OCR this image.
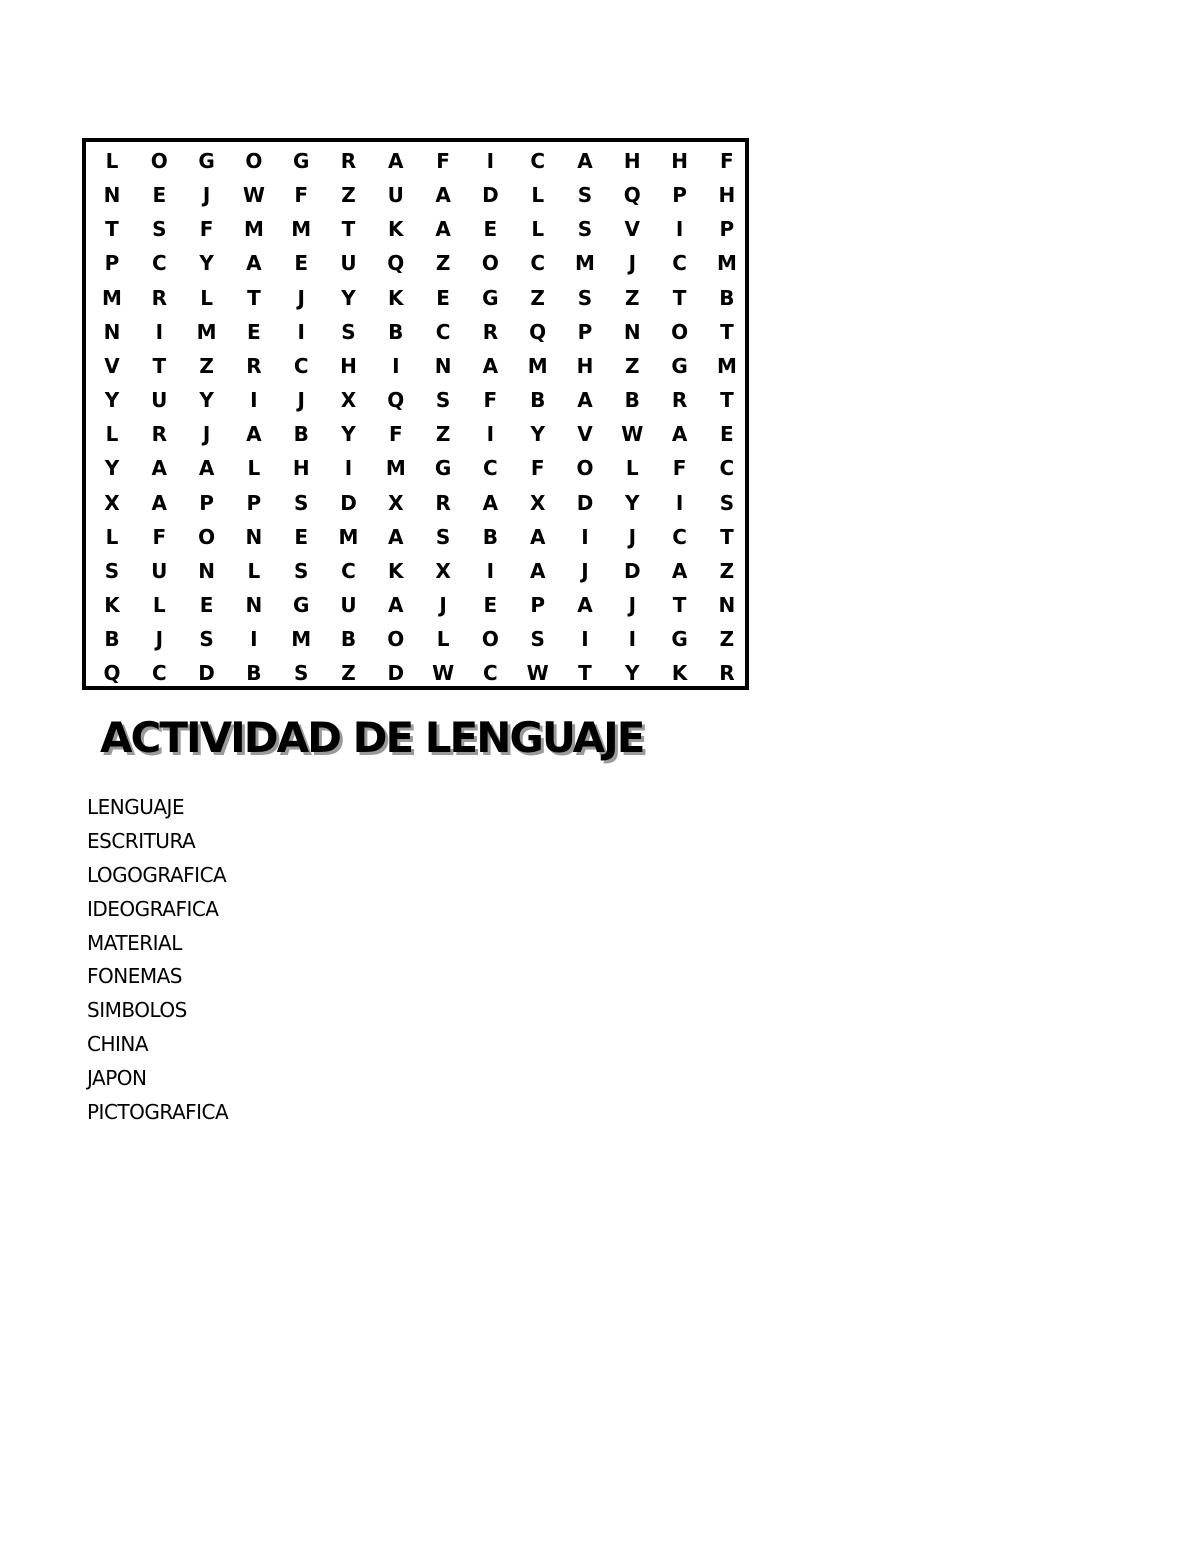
L	O	G	O	G	R	A	F	I	C	A	H	H	F
N	E	J	W	F	Z	U	A	D	L	S	Q	P	H
T	S	F	M	M	T	K	A	E	L	S	V	I	P
P	C	Y	A	E	U	Q	Z	O	C	M	J	C	M
M	R	L	T	J	Y	K	E	G	Z	S	Z	T	B
N	I	M	E	I	S	B	C	R	Q	P	N	O	T
V	T	Z	R	C	H	I	N	A	M	H	Z	G	M
Y	U	Y	I	J	X	Q	S	F	B	A	B	R	T
L	R	J	A	B	Y	F	Z	I	Y	V	W	A	E
Y	A	A	L	H	I	M	G	C	F	O	L	F	C
X	A	P	P	S	D	X	R	A	X	D	Y	I	S
L	F	O	N	E	M	A	S	B	A	I	J	C	T
S	U	N	L	S	C	K	X	I	A	J	D	A	Z
K	L	E	N	G	U	A	J	E	P	A	J	T	N
B	J	S	I	M	B	O	L	O	S	I	I	G	Z
Q	C	D	B	S	Z	D	W	C	W	T	Y	K	R
ACTIVIDAD DE LENGUAJE
LENGUAJE
ESCRITURA
LOGOGRAFICA
IDEOGRAFICA
MATERIAL
FONEMAS
SIMBOLOS
CHINA
JAPON
PICTOGRAFICA
